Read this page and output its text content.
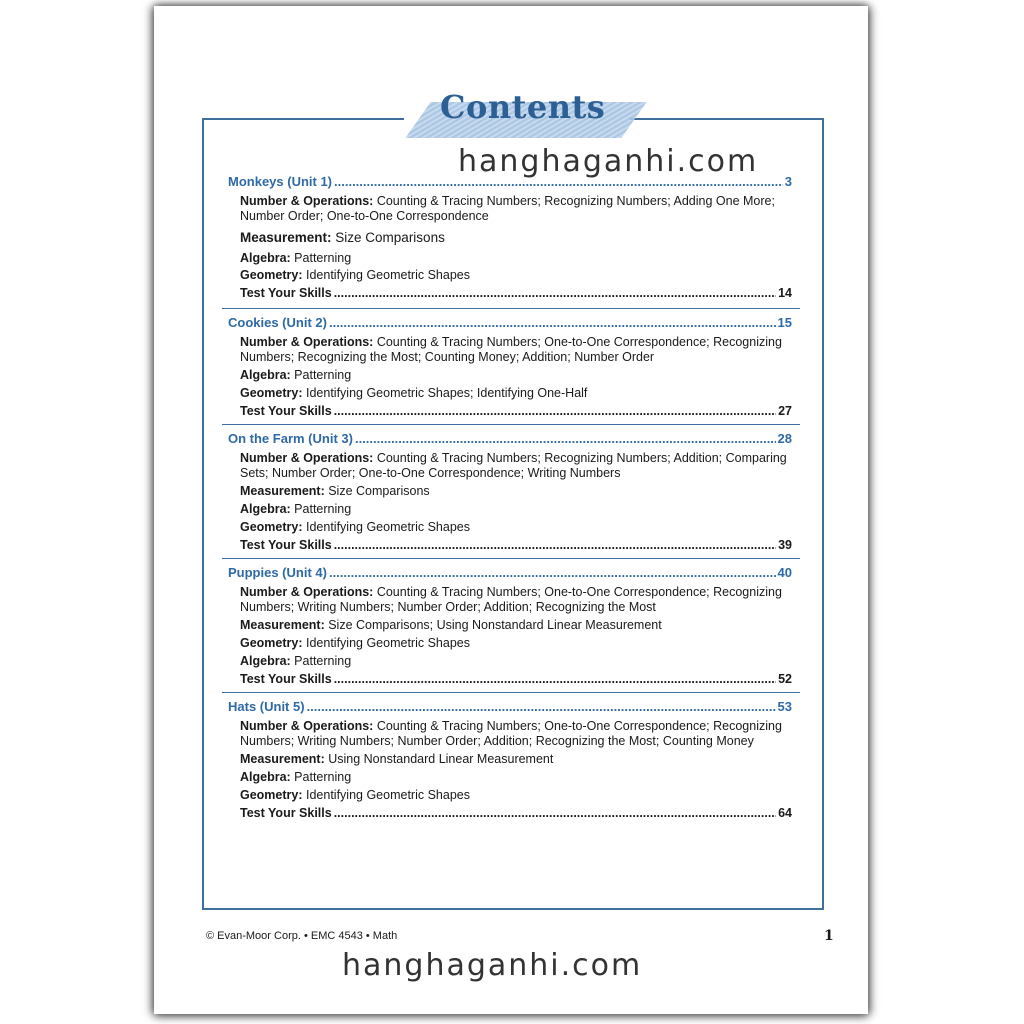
Contents
hanghaganhi.com
Monkeys (Unit 1) .....	3
Number & Operations: Counting & Tracing Numbers; Recognizing Numbers; Adding One More; Number Order; One-to-One Correspondence
Measurement: Size Comparisons
Algebra: Patterning
Geometry: Identifying Geometric Shapes
Test Your Skills .....	14
Cookies (Unit 2) .....	15
Number & Operations: Counting & Tracing Numbers; One-to-One Correspondence; Recognizing Numbers; Recognizing the Most; Counting Money; Addition; Number Order
Algebra: Patterning
Geometry: Identifying Geometric Shapes; Identifying One-Half
Test Your Skills .....	27
On the Farm (Unit 3) .....	28
Number & Operations: Counting & Tracing Numbers; Recognizing Numbers; Addition; Comparing Sets; Number Order; One-to-One Correspondence; Writing Numbers
Measurement: Size Comparisons
Algebra: Patterning
Geometry: Identifying Geometric Shapes
Test Your Skills .....	39
Puppies (Unit 4) .....	40
Number & Operations: Counting & Tracing Numbers; One-to-One Correspondence; Recognizing Numbers; Writing Numbers; Number Order; Addition; Recognizing the Most
Measurement: Size Comparisons; Using Nonstandard Linear Measurement
Geometry: Identifying Geometric Shapes
Algebra: Patterning
Test Your Skills .....	52
Hats (Unit 5) .....	53
Number & Operations: Counting & Tracing Numbers; One-to-One Correspondence; Recognizing Numbers; Writing Numbers; Number Order; Addition; Recognizing the Most; Counting Money
Measurement: Using Nonstandard Linear Measurement
Algebra: Patterning
Geometry: Identifying Geometric Shapes
Test Your Skills .....	64
© Evan-Moor Corp. • EMC 4543 • Math	1
hanghaganhi.com
